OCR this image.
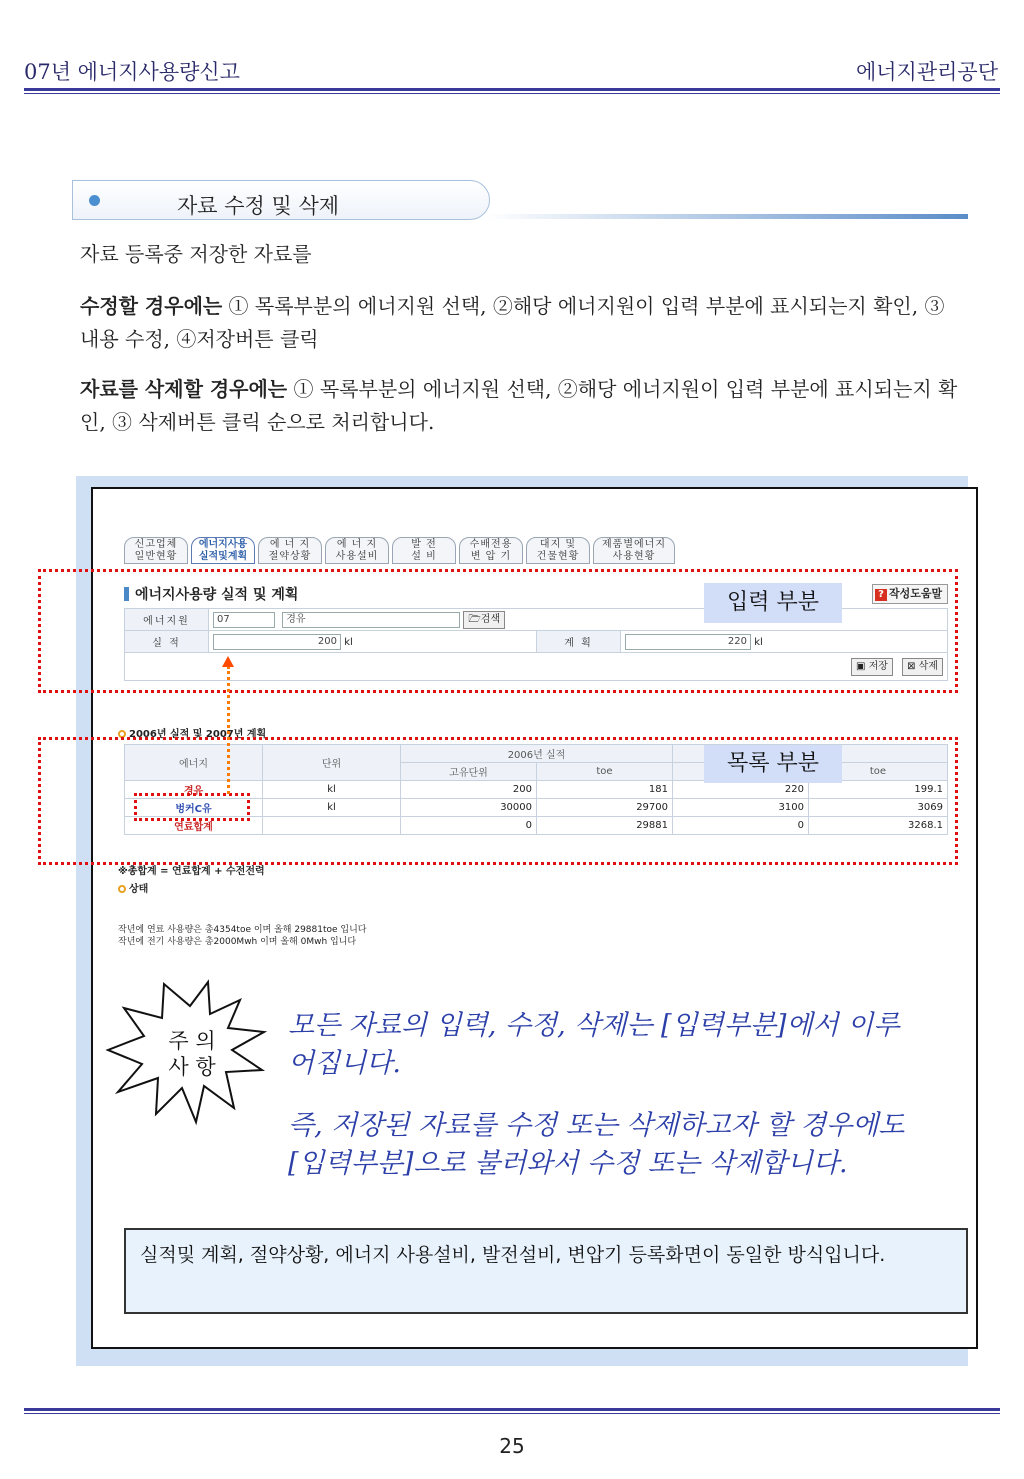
07년 에너지사용량신고	에너지관리공단
자료 수정 및 삭제
자료 등록중 저장한 자료를
수정할 경우에는 ① 목록부분의 에너지원 선택, ②해당 에너지원이 입력 부분에 표시되는지 확인, ③ 내용 수정, ④저장버튼 클릭
자료를 삭제할 경우에는 ① 목록부분의 에너지원 선택, ②해당 에너지원이 입력 부분에 표시되는지 확인, ③ 삭제버튼 클릭 순으로 처리합니다.
신고업체
일반현황
에너지사용
실적및계획
에 너 지
절약상황
에 너 지
사용설비
발 전
설 비
수배전용
변 압 기
대지 및
건물현황
제품별에너지
사용현황
에너지사용량 실적 및 계획	? 작성도움말
에너지원	07 경유 🗁검색		
실 적	200 kl	계 획	220 kl
▣ 저장 ⊠ 삭제			
2006년 실적 및 2007년 계획
에너지	단위	2006년 실적			
		고유단위	toe		toe
경유	kl	200	181	220	199.1
벙커C유	kl	30000	29700	3100	3069
연료합계		0	29881	0	3268.1
※총합계 = 연료합계 + 수전전력
상태
작년에 연료 사용량은 총4354toe 이며 올해 29881toe 입니다
작년에 전기 사용량은 총2000Mwh 이며 올해 0Mwh 입니다
입력 부분
목록 부분
주 의
사 항
모든 자료의 입력, 수정, 삭제는 [입력부분]에서 이루
어집니다.
즉, 저장된 자료를 수정 또는 삭제하고자 할 경우에도
[입력부분]으로 불러와서 수정 또는 삭제합니다.
실적및 계획, 절약상황, 에너지 사용설비, 발전설비, 변압기 등록화면이 동일한 방식입니다.
25
